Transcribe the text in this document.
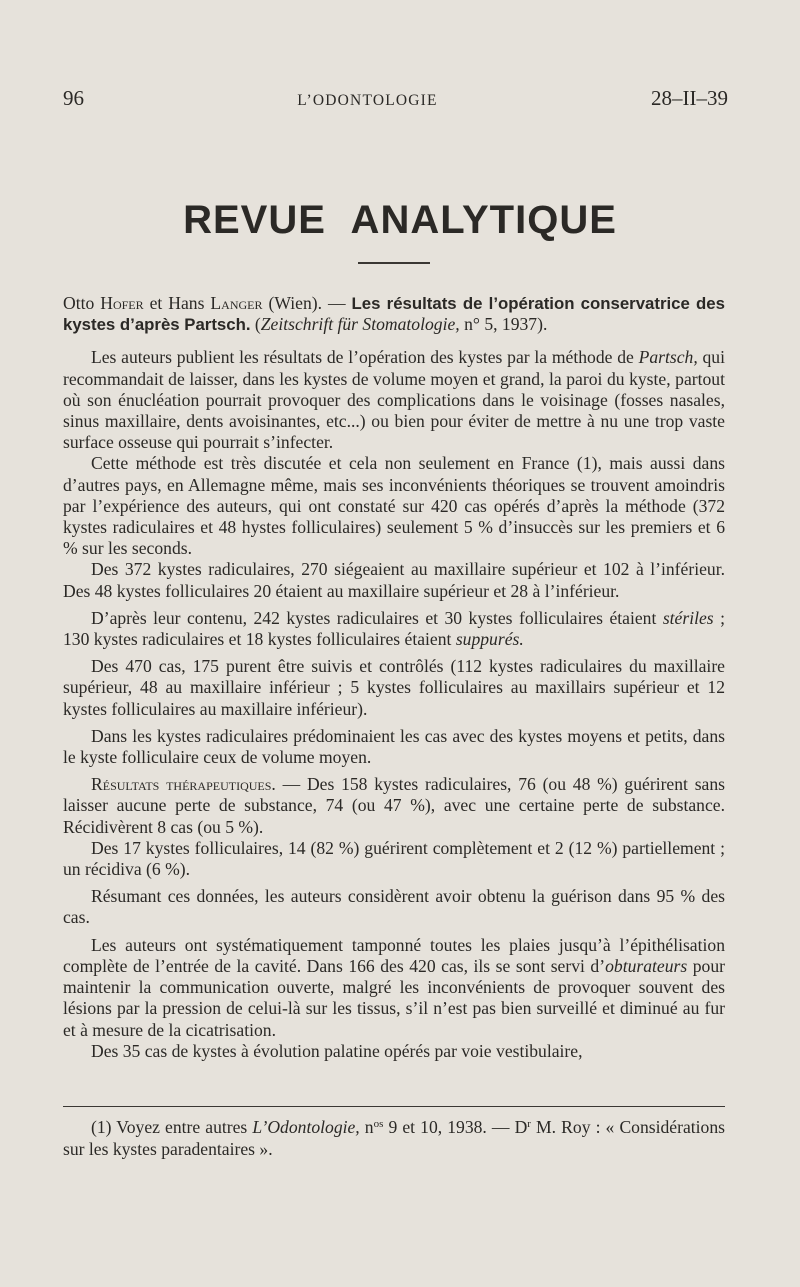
96	L’ODONTOLOGIE	28–II–39
REVUE ANALYTIQUE

Otto Hofer et Hans Langer (Wien). — Les résultats de l’opération conservatrice des kystes d’après Partsch. (Zeitschrift für Stomatologie, n° 5, 1937).

Les auteurs publient les résultats de l’opération des kystes par la méthode de Partsch, qui recommandait de laisser, dans les kystes de volume moyen et grand, la paroi du kyste, partout où son énucléation pourrait provoquer des complications dans le voisinage (fosses nasales, sinus maxillaire, dents avoisinantes, etc...) ou bien pour éviter de mettre à nu une trop vaste surface osseuse qui pourrait s’infecter.

Cette méthode est très discutée et cela non seulement en France (1), mais aussi dans d’autres pays, en Allemagne même, mais ses inconvénients théoriques se trouvent amoindris par l’expérience des auteurs, qui ont constaté sur 420 cas opérés d’après la méthode (372 kystes radiculaires et 48 hystes folliculaires) seulement 5 % d’insuccès sur les premiers et 6 % sur les seconds.

Des 372 kystes radiculaires, 270 siégeaient au maxillaire supérieur et 102 à l’inférieur. Des 48 kystes folliculaires 20 étaient au maxillaire supérieur et 28 à l’inférieur.

D’après leur contenu, 242 kystes radiculaires et 30 kystes folliculaires étaient stériles ; 130 kystes radiculaires et 18 kystes folliculaires étaient suppurés.

Des 470 cas, 175 purent être suivis et contrôlés (112 kystes radiculaires du maxillaire supérieur, 48 au maxillaire inférieur ; 5 kystes folliculaires au maxillairs supérieur et 12 kystes folliculaires au maxillaire inférieur).

Dans les kystes radiculaires prédominaient les cas avec des kystes moyens et petits, dans le kyste folliculaire ceux de volume moyen.

Résultats thérapeutiques. — Des 158 kystes radiculaires, 76 (ou 48 %) guérirent sans laisser aucune perte de substance, 74 (ou 47 %), avec une certaine perte de substance. Récidivèrent 8 cas (ou 5 %).

Des 17 kystes folliculaires, 14 (82 %) guérirent complètement et 2 (12 %) partiellement ; un récidiva (6 %).

Résumant ces données, les auteurs considèrent avoir obtenu la guérison dans 95 % des cas.

Les auteurs ont systématiquement tamponné toutes les plaies jusqu’à l’épithélisation complète de l’entrée de la cavité. Dans 166 des 420 cas, ils se sont servi d’obturateurs pour maintenir la communication ouverte, malgré les inconvénients de provoquer souvent des lésions par la pression de celui-là sur les tissus, s’il n’est pas bien surveillé et diminué au fur et à mesure de la cicatrisation.

Des 35 cas de kystes à évolution palatine opérés par voie vestibulaire,

(1) Voyez entre autres L’Odontologie, $n^{os}$ 9 et 10, 1938. — $D^r$ M. Roy : « Considérations sur les kystes paradentaires ».
